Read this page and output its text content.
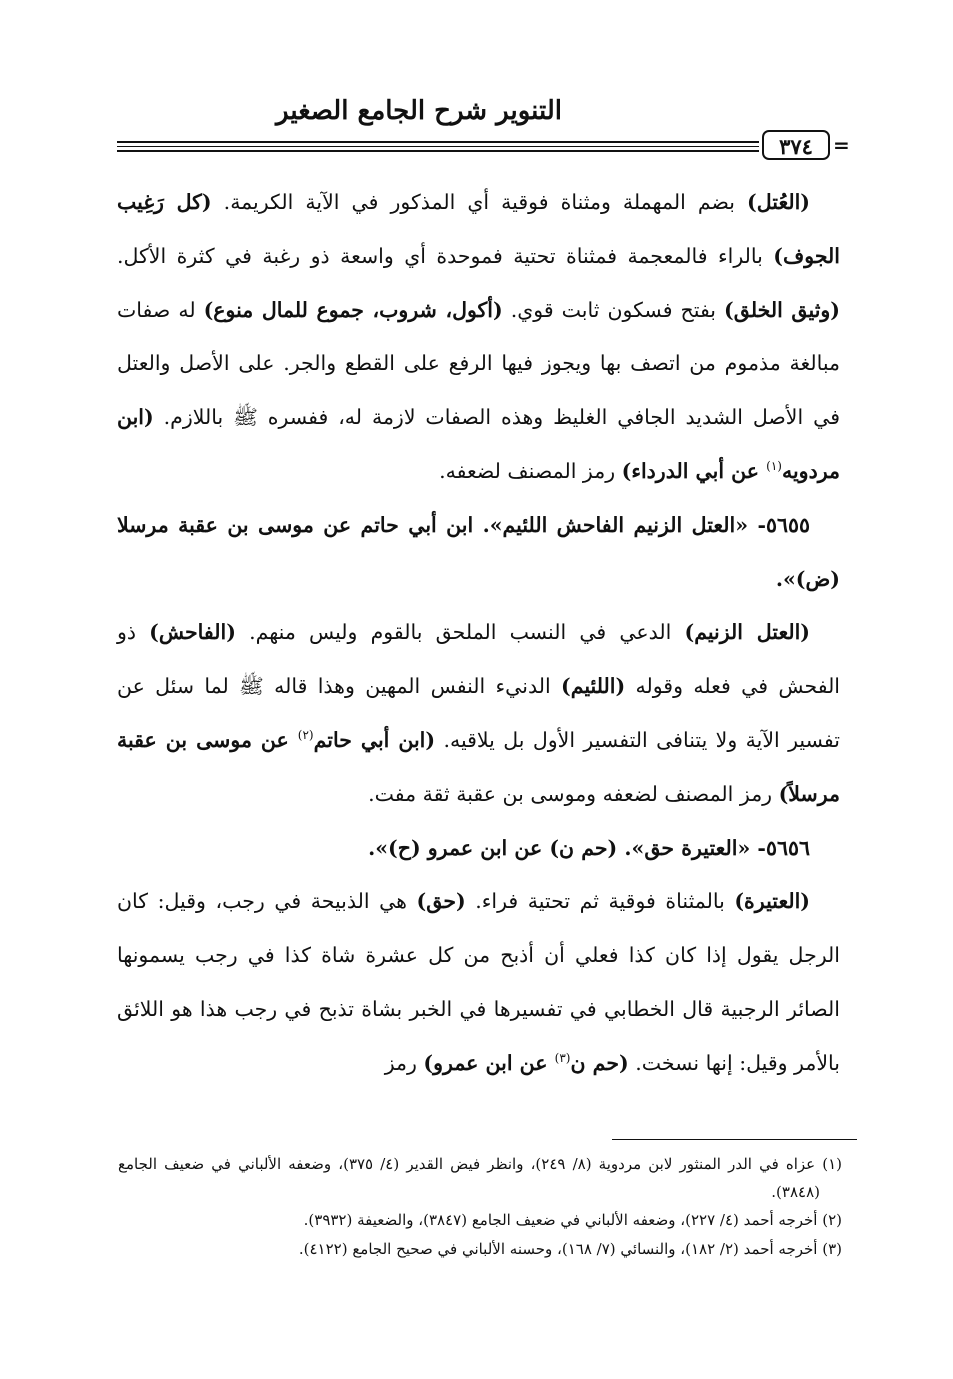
التنوير شرح الجامع الصغير
٣٧٤	=

(العُتل) بضم المهملة ومثناة فوقية أي المذكور في الآية الكريمة. (كل رَغِيب الجوف) بالراء فالمعجمة فمثناة تحتية فموحدة أي واسعة ذو رغبة في كثرة الأكل. (وثيق الخلق) بفتح فسكون ثابت قوي. (أكول، شروب، جموع للمال منوع) له صفات مبالغة مذموم من اتصف بها ويجوز فيها الرفع على القطع والجر. على الأصل والعتل في الأصل الشديد الجافي الغليظ وهذه الصفات لازمة له، ففسره ﷺ باللازم. (ابن مردويه$^{(١)}$ عن أبي الدرداء) رمز المصنف لضعفه.

٥٦٥٥- «العتل الزنيم الفاحش اللئيم». ابن أبي حاتم عن موسى بن عقبة مرسلا (ض)».

(العتل الزنيم) الدعي في النسب الملحق بالقوم وليس منهم. (الفاحش) ذو الفحش في فعله وقوله (اللئيم) الدنيء النفس المهين وهذا قاله ﷺ لما سئل عن تفسير الآية ولا يتنافى التفسير الأول بل يلاقيه. (ابن أبي حاتم$^{(٢)}$ عن موسى بن عقبة مرسلاً) رمز المصنف لضعفه وموسى بن عقبة ثقة مفت.

٥٦٥٦- «العتيرة حق». (حم ن) عن ابن عمرو (ح)».

(العتيرة) بالمثناة فوقية ثم تحتية فراء. (حق) هي الذبيحة في رجب، وقيل: كان الرجل يقول إذا كان كذا فعلي أن أذبح من كل عشرة شاة كذا في رجب يسمونها الصائر الرجبية قال الخطابي في تفسيرها في الخبر بشاة تذبح في رجب هذا هو اللائق بالأمر وقيل: إنها نسخت. (حم ن$^{(٣)}$ عن ابن عمرو) رمز

(١) عزاه في الدر المنثور لابن مردوية (٨/ ٢٤٩)، وانظر فيض القدير (٤/ ٣٧٥)، وضعفه الألباني في ضعيف الجامع (٣٨٤٨).

(٢) أخرجه أحمد (٤/ ٢٢٧)، وضعفه الألباني في ضعيف الجامع (٣٨٤٧)، والضعيفة (٣٩٣٢).

(٣) أخرجه أحمد (٢/ ١٨٢)، والنسائي (٧/ ١٦٨)، وحسنه الألباني في صحيح الجامع (٤١٢٢).
